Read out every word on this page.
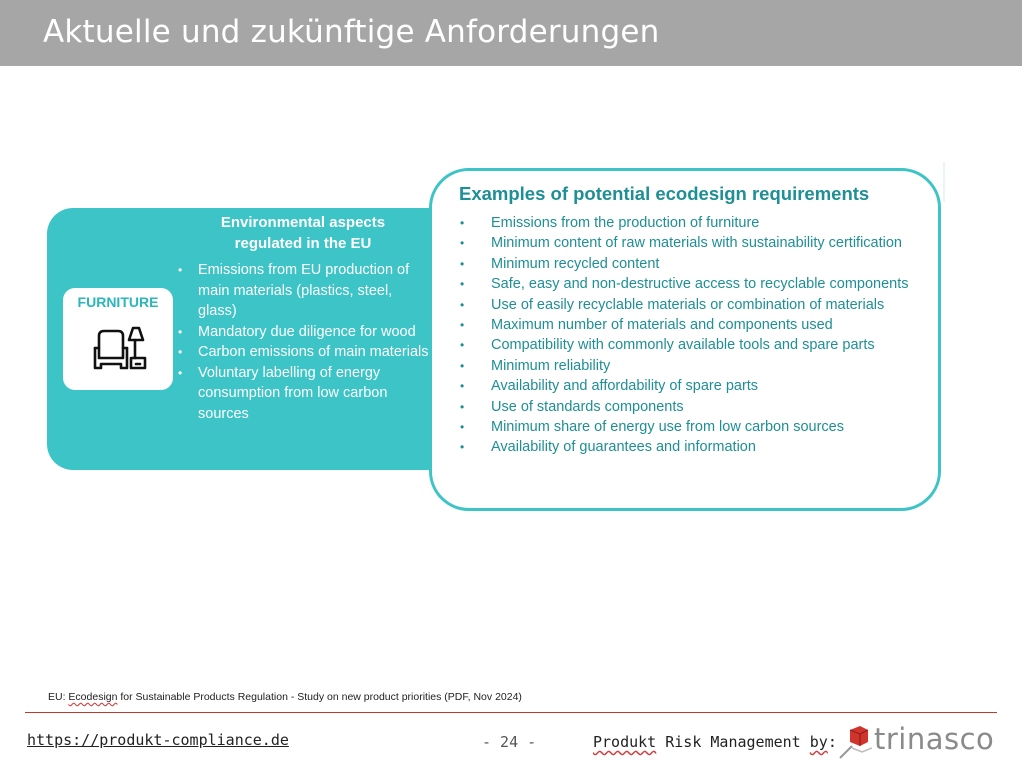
Aktuelle und zukünftige Anforderungen
FURNITURE
Environmental aspects regulated in the EU
• Emissions from EU production of main materials (plastics, steel, glass)
• Mandatory due diligence for wood
• Carbon emissions of main materials
• Voluntary labelling of energy consumption from low carbon sources
Examples of potential ecodesign requirements
• Emissions from the production of furniture
• Minimum content of raw materials with sustainability certification
• Minimum recycled content
• Safe, easy and non-destructive access to recyclable components
• Use of easily recyclable materials or combination of materials
• Maximum number of materials and components used
• Compatibility with commonly available tools and spare parts
• Minimum reliability
• Availability and affordability of spare parts
• Use of standards components
• Minimum share of energy use from low carbon sources
• Availability of guarantees and information
EU: Ecodesign for Sustainable Products Regulation - Study on new product priorities (PDF, Nov 2024)
https://produkt-compliance.de	- 24 -	Produkt Risk Management by: trinasco
